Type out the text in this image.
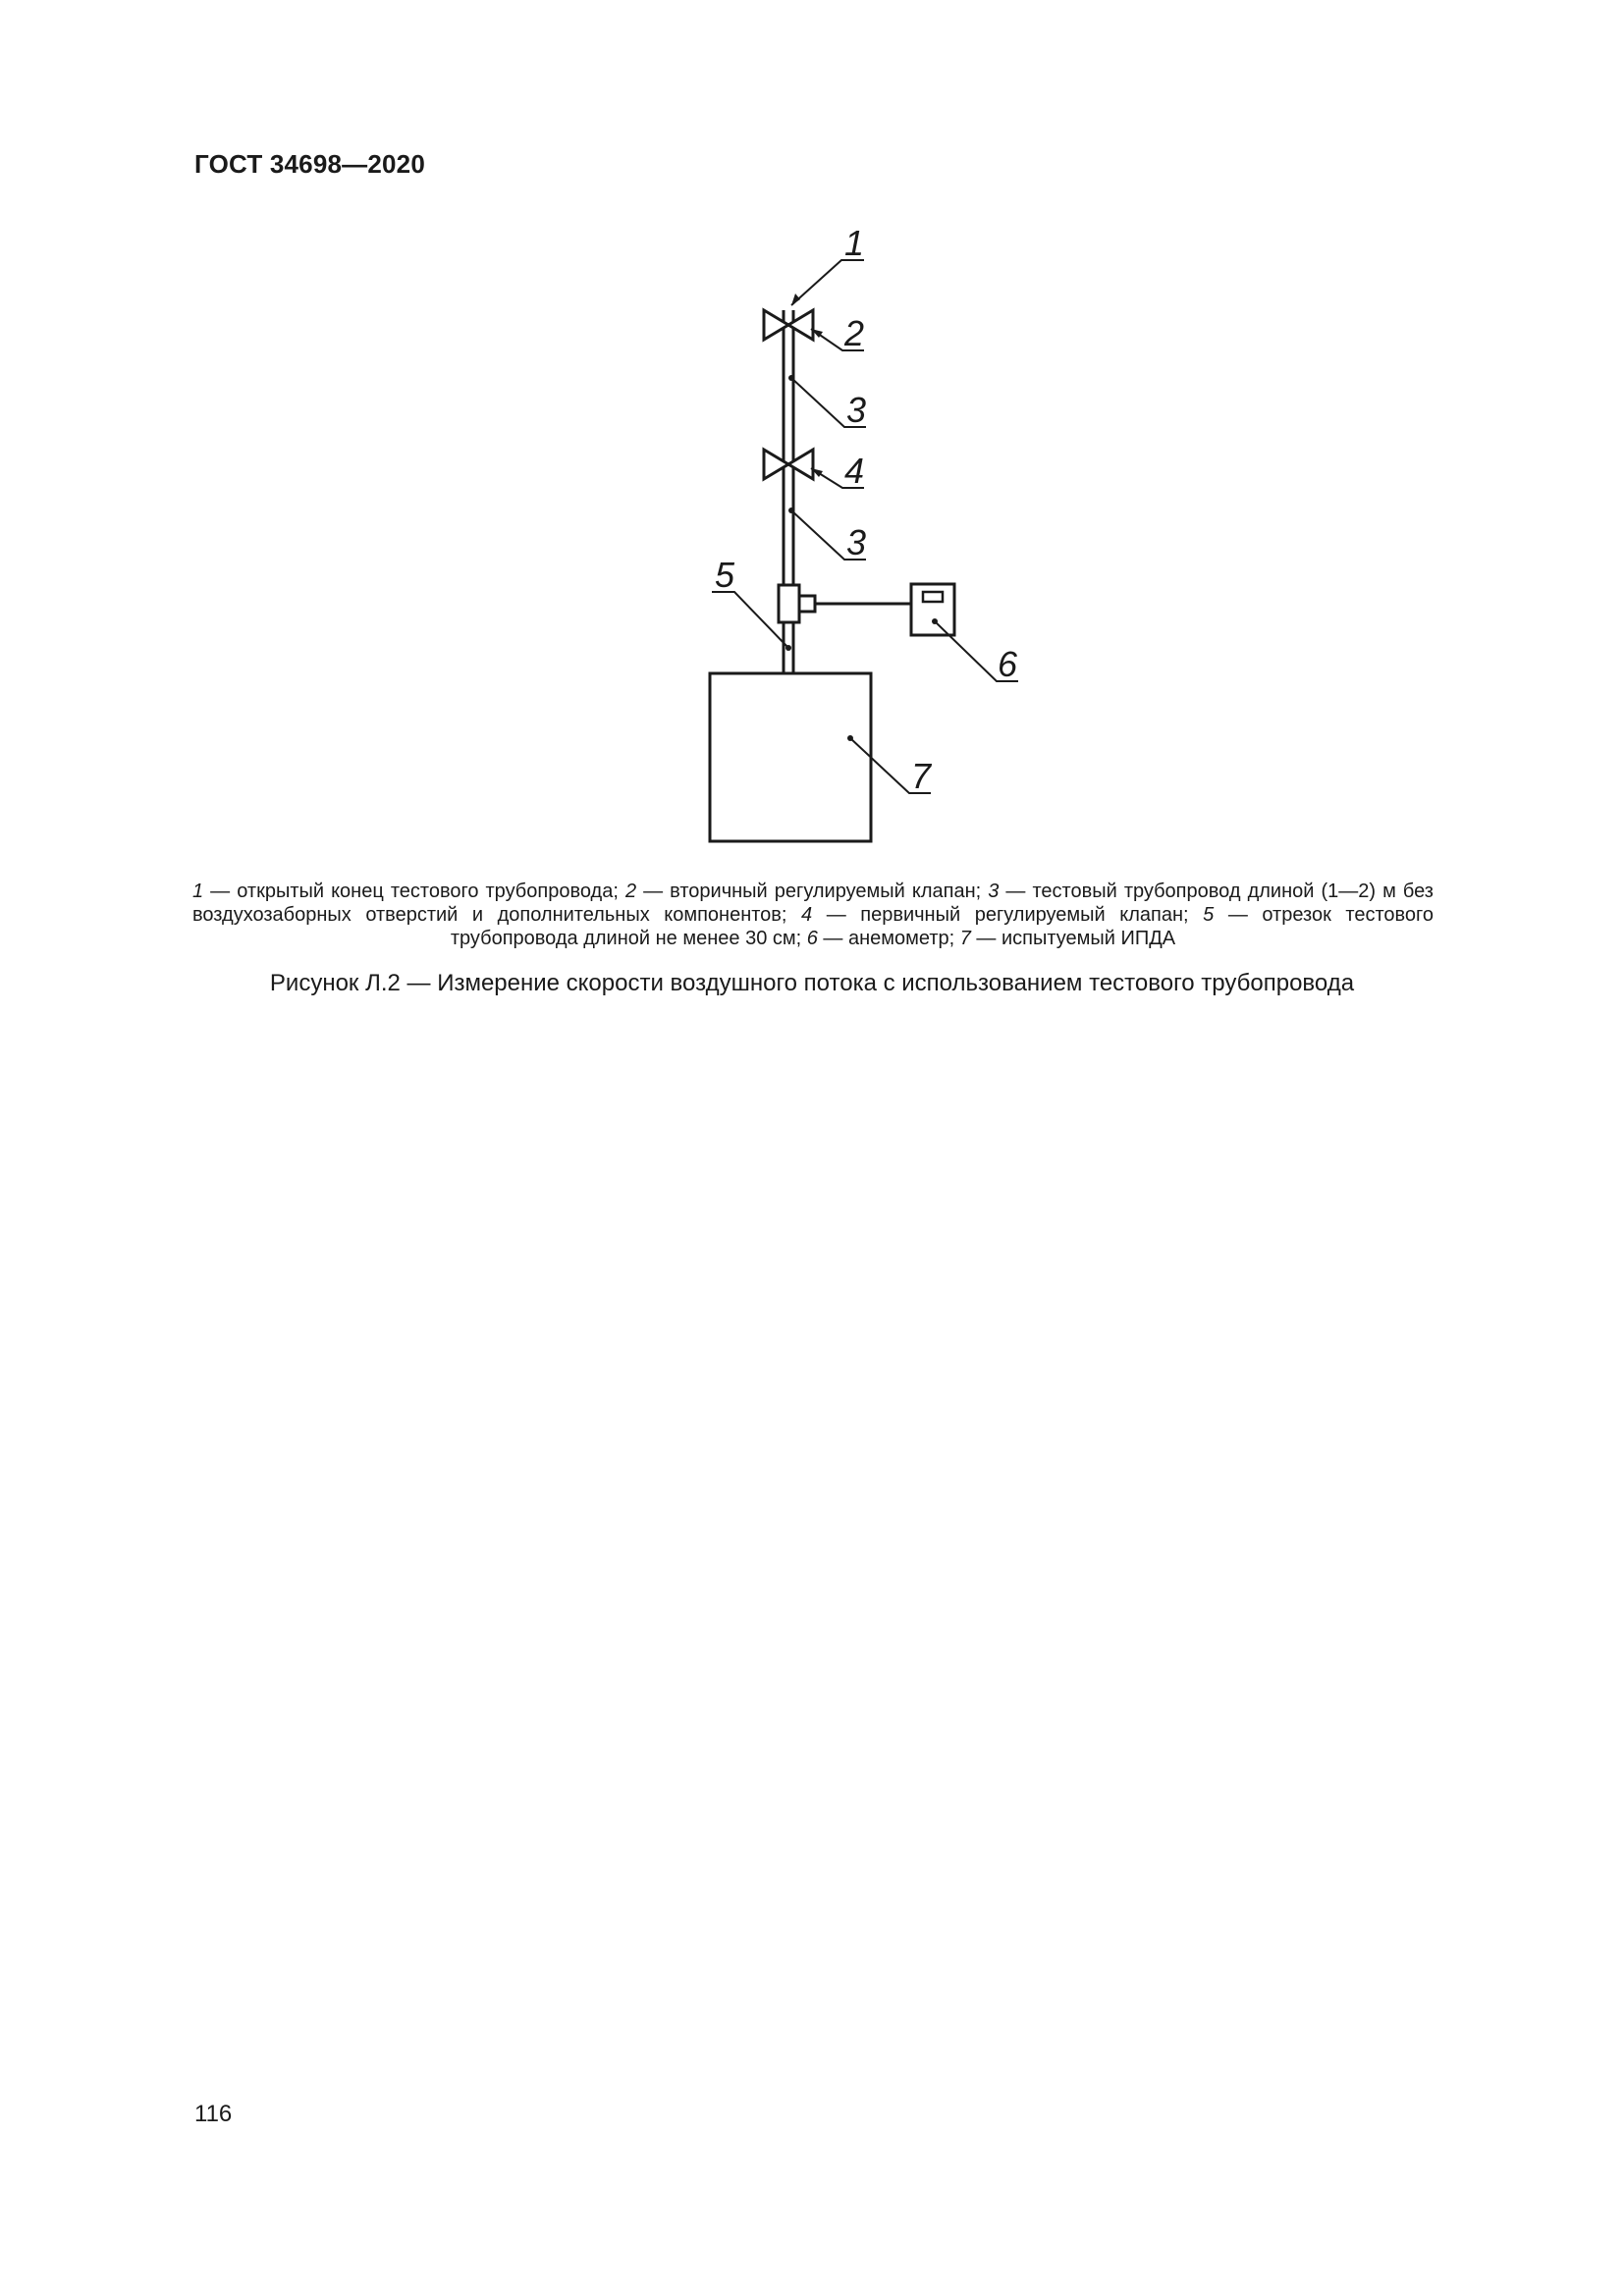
ГОСТ 34698—2020
1
2
3
4
3
5
6
7
1 — открытый конец тестового трубопровода; 2 — вторичный регулируемый клапан; 3 — тестовый трубопровод длиной (1—2) м без воздухозаборных отверстий и дополнительных компонентов; 4 — первичный регулируемый клапан; 5 — отрезок тестового трубопровода длиной не менее 30 см; 6 — анемометр; 7 — испытуемый ИПДА
Рисунок Л.2 — Измерение скорости воздушного потока с использованием тестового трубопровода
116
